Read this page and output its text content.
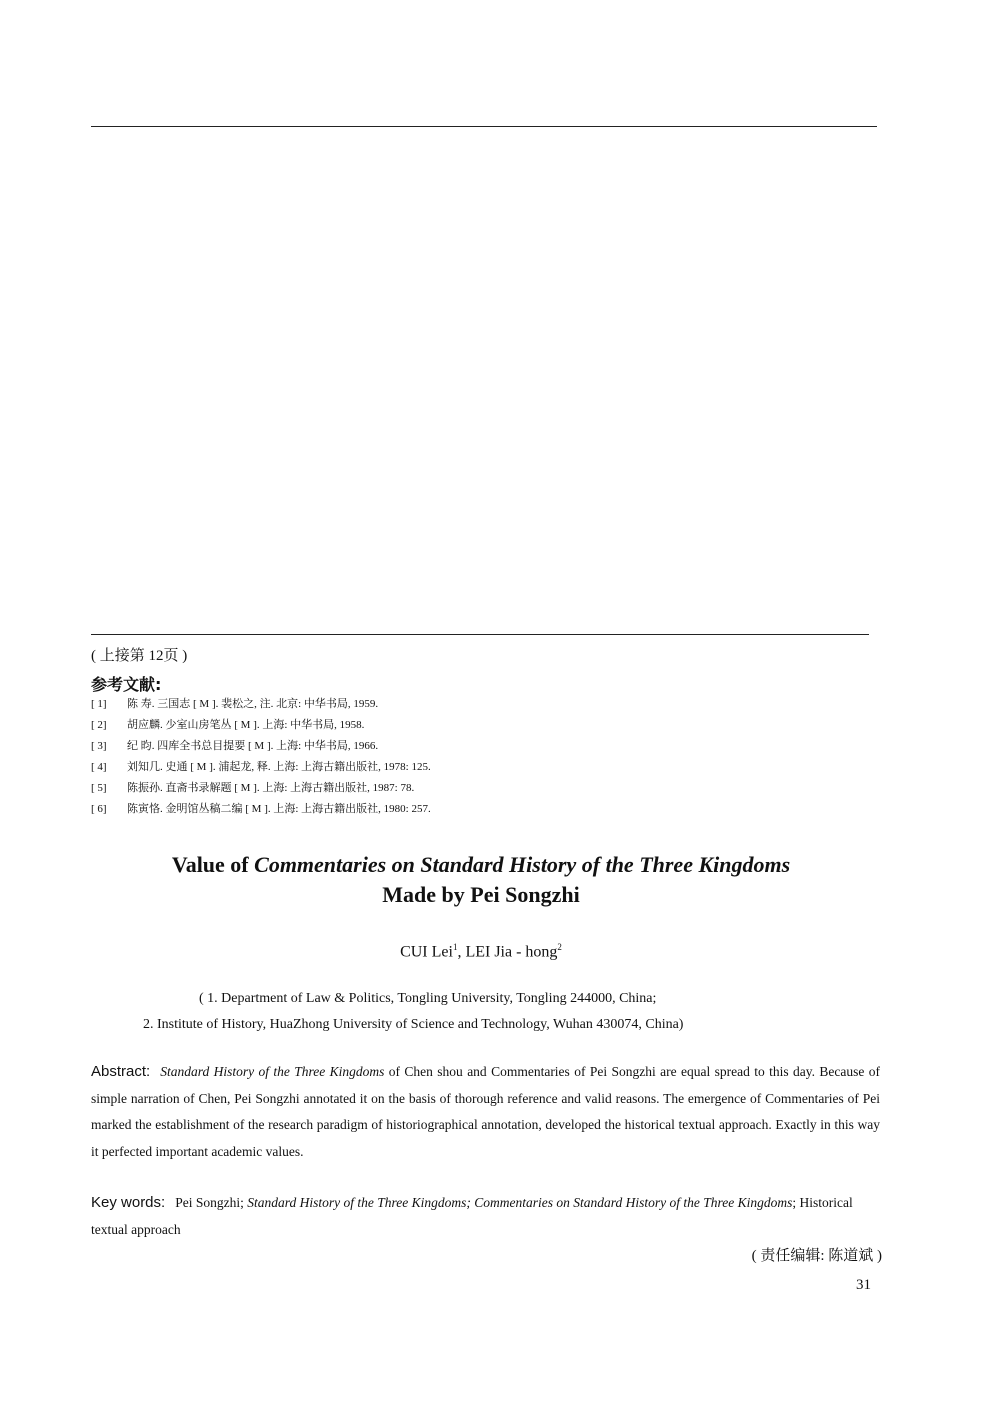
( 上接第 12页 )
参考文献:
[ 1] 陈 寿. 三国志 [ M ]. 裴松之, 注. 北京: 中华书局, 1959.
[ 2] 胡应麟. 少室山房笔丛 [ M ]. 上海: 中华书局, 1958.
[ 3] 纪 昀. 四库全书总目提要 [ M ]. 上海: 中华书局, 1966.
[ 4] 刘知几. 史通 [ M ]. 浦起龙, 释. 上海: 上海古籍出版社, 1978: 125.
[ 5] 陈振孙. 直斋书录解题 [ M ]. 上海: 上海古籍出版社, 1987: 78.
[ 6] 陈寅恪. 金明馆丛稿二编 [ M ]. 上海: 上海古籍出版社, 1980: 257.
Value of Commentaries on Standard History of the Three Kingdoms
Made by Pei Songzhi
CUI Lei$^1$, LEI Jia - hong$^2$
( 1. Department of Law & Politics, Tongling University, Tongling 244000, China;
2. Institute of History, HuaZhong University of Science and Technology, Wuhan 430074, China)
Abstract: Standard History of the Three Kingdoms of Chen shou and Commentaries of Pei Songzhi are equal spread to this day. Because of simple narration of Chen, Pei Songzhi annotated it on the basis of thorough reference and valid reasons. The emergence of Commentaries of Pei marked the establishment of the research paradigm of historiographical annotation, developed the historical textual approach. Exactly in this way it perfected important academic values.
Key words: Pei Songzhi; Standard History of the Three Kingdoms; Commentaries on Standard History of the Three Kingdoms; Historical textual approach
( 责任编辑: 陈道斌 )
31
